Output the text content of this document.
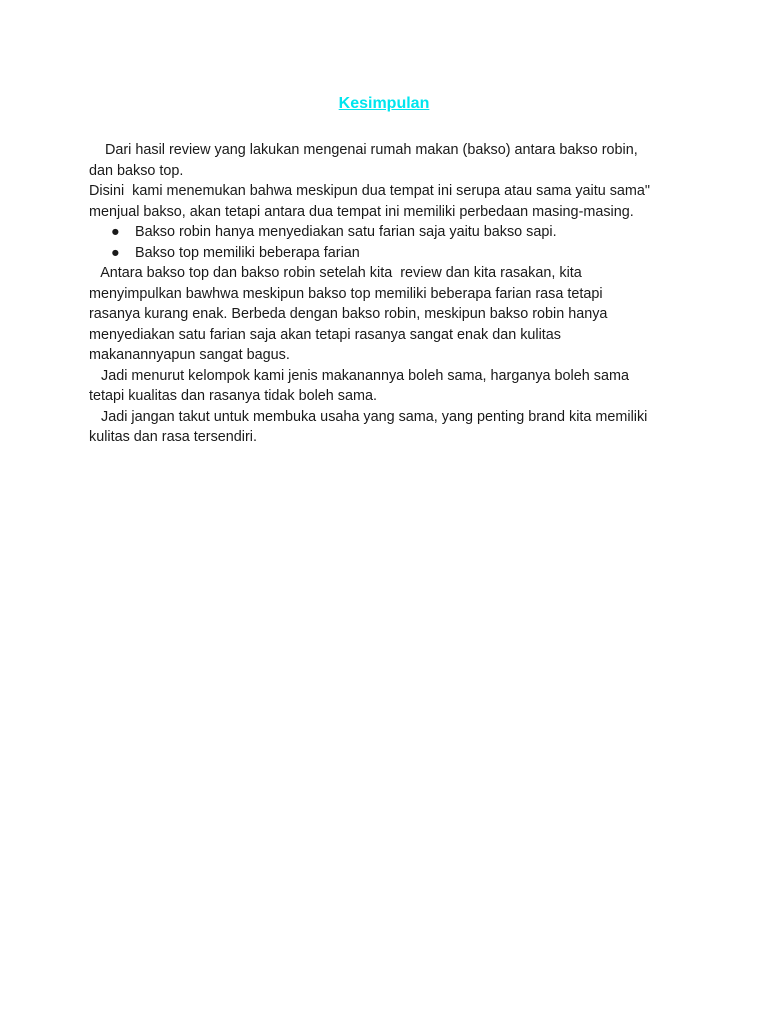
Kesimpulan
Dari hasil review yang lakukan mengenai rumah makan (bakso) antara bakso robin,
dan bakso top.
Disini  kami menemukan bahwa meskipun dua tempat ini serupa atau sama yaitu sama"
menjual bakso, akan tetapi antara dua tempat ini memiliki perbedaan masing-masing.
● Bakso robin hanya menyediakan satu farian saja yaitu bakso sapi.
● Bakso top memiliki beberapa farian
Antara bakso top dan bakso robin setelah kita  review dan kita rasakan, kita
menyimpulkan bawhwa meskipun bakso top memiliki beberapa farian rasa tetapi
rasanya kurang enak. Berbeda dengan bakso robin, meskipun bakso robin hanya
menyediakan satu farian saja akan tetapi rasanya sangat enak dan kulitas
makanannyapun sangat bagus.
Jadi menurut kelompok kami jenis makanannya boleh sama, harganya boleh sama
tetapi kualitas dan rasanya tidak boleh sama.
Jadi jangan takut untuk membuka usaha yang sama, yang penting brand kita memiliki
kulitas dan rasa tersendiri.
